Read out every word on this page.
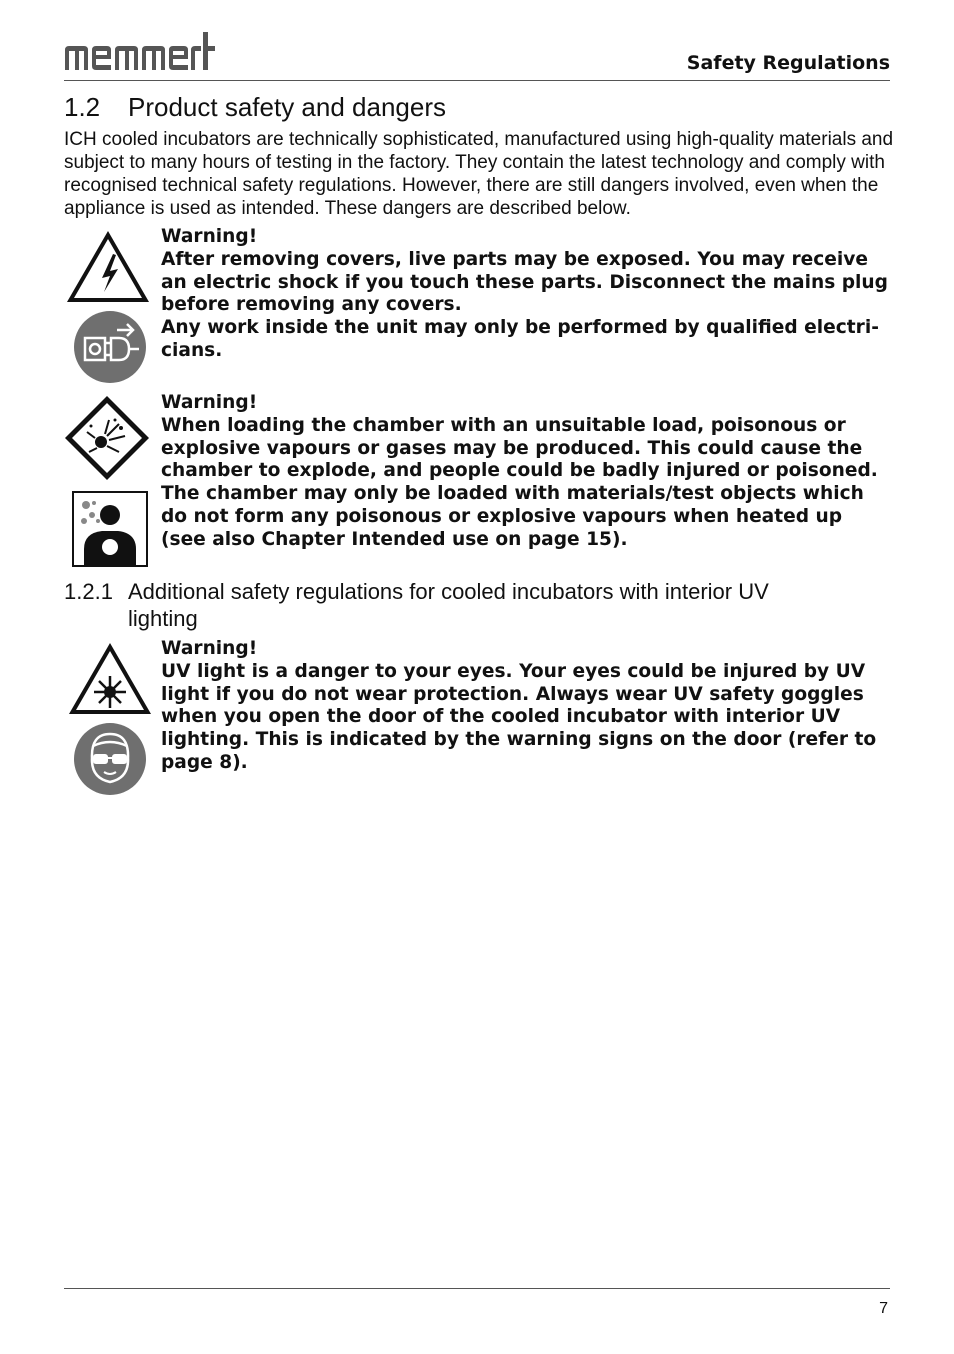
Safety Regulations
1.2 Product safety and dangers

ICH cooled incubators are technically sophisticated, manufactured using high-quality materials and subject to many hours of testing in the factory. They contain the latest technology and comply with recognised technical safety regulations. However, there are still dangers involved, even when the appliance is used as intended. These dangers are described below.

Warning!

After removing covers, live parts may be exposed. You may receive an electric shock if you touch these parts. Disconnect the mains plug before removing any covers.

Any work inside the unit may only be performed by qualified electri-cians.

Warning!

When loading the chamber with an unsuitable load, poisonous or explosive vapours or gases may be produced. This could cause the chamber to explode, and people could be badly injured or poisoned. The chamber may only be loaded with materials/test objects which do not form any poisonous or explosive vapours when heated up (see also Chapter Intended use on page 15).

1.2.1 Additional safety regulations for cooled incubators with interior UV
lighting

Warning!

UV light is a danger to your eyes. Your eyes could be injured by UV light if you do not wear protection. Always wear UV safety goggles when you open the door of the cooled incubator with interior UV lighting. This is indicated by the warning signs on the door (refer to page 8).

7
